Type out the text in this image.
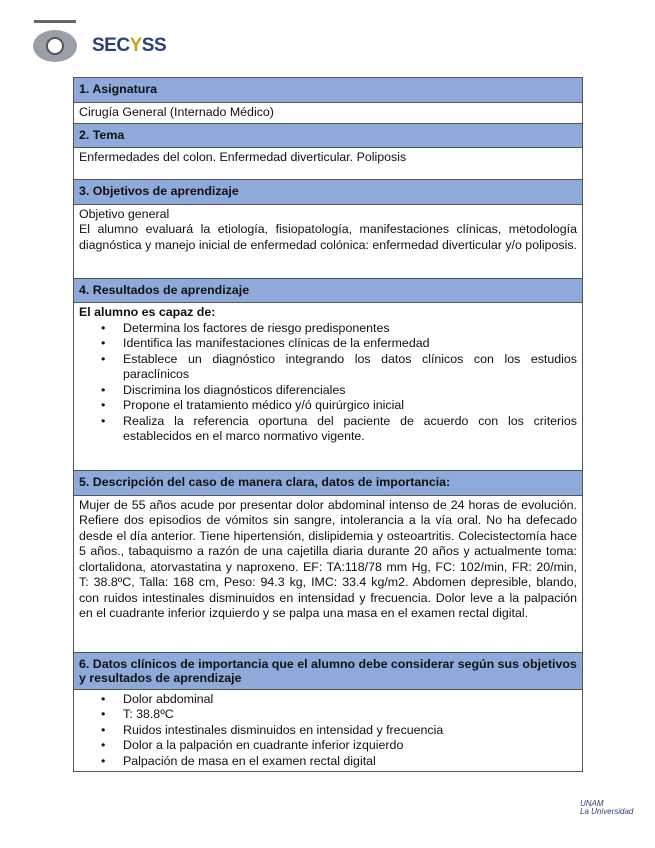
SECYSS
UNAM
La Universidad
1. Asignatura
Cirugía General (Internado Médico)
2. Tema
Enfermedades del colon. Enfermedad diverticular. Poliposis
3. Objetivos de aprendizaje

Objetivo general
El alumno evaluará la etiología, fisiopatología, manifestaciones clínicas, metodología diagnóstica y manejo inicial de enfermedad colónica: enfermedad diverticular y/o poliposis.

4. Resultados de aprendizaje

El alumno es capaz de:
• Determina los factores de riesgo predisponentes
• Identifica las manifestaciones clínicas de la enfermedad
• Establece un diagnóstico integrando los datos clínicos con los estudios paraclínicos
• Discrimina los diagnósticos diferenciales
• Propone el tratamiento médico y/ó quirúrgico inicial
• Realiza la referencia oportuna del paciente de acuerdo con los criterios establecidos en el marco normativo vigente.

5. Descripción del caso de manera clara, datos de importancia:
Mujer de 55 años acude por presentar dolor abdominal intenso de 24 horas de evolución. Refiere dos episodios de vómitos sin sangre, intolerancia a la vía oral. No ha defecado desde el día anterior. Tiene hipertensión, dislipidemia y osteoartritis. Colecistectomía hace 5 años., tabaquismo a razón de una cajetilla diaria durante 20 años y actualmente toma: clortalidona, atorvastatina y naproxeno. EF: TA:118/78 mm Hg, FC: 102/min, FR: 20/min, T: 38.8ºC, Talla: 168 cm, Peso: 94.3 kg, IMC: 33.4 kg/m2. Abdomen depresible, blando, con ruidos intestinales disminuidos en intensidad y frecuencia. Dolor leve a la palpación en el cuadrante inferior izquierdo y se palpa una masa en el examen rectal digital.
6. Datos clínicos de importancia que el alumno debe considerar según sus objetivos y resultados de aprendizaje

• Dolor abdominal
• T: 38.8ºC
• Ruidos intestinales disminuidos en intensidad y frecuencia
• Dolor a la palpación en cuadrante inferior izquierdo
• Palpación de masa en el examen rectal digital
